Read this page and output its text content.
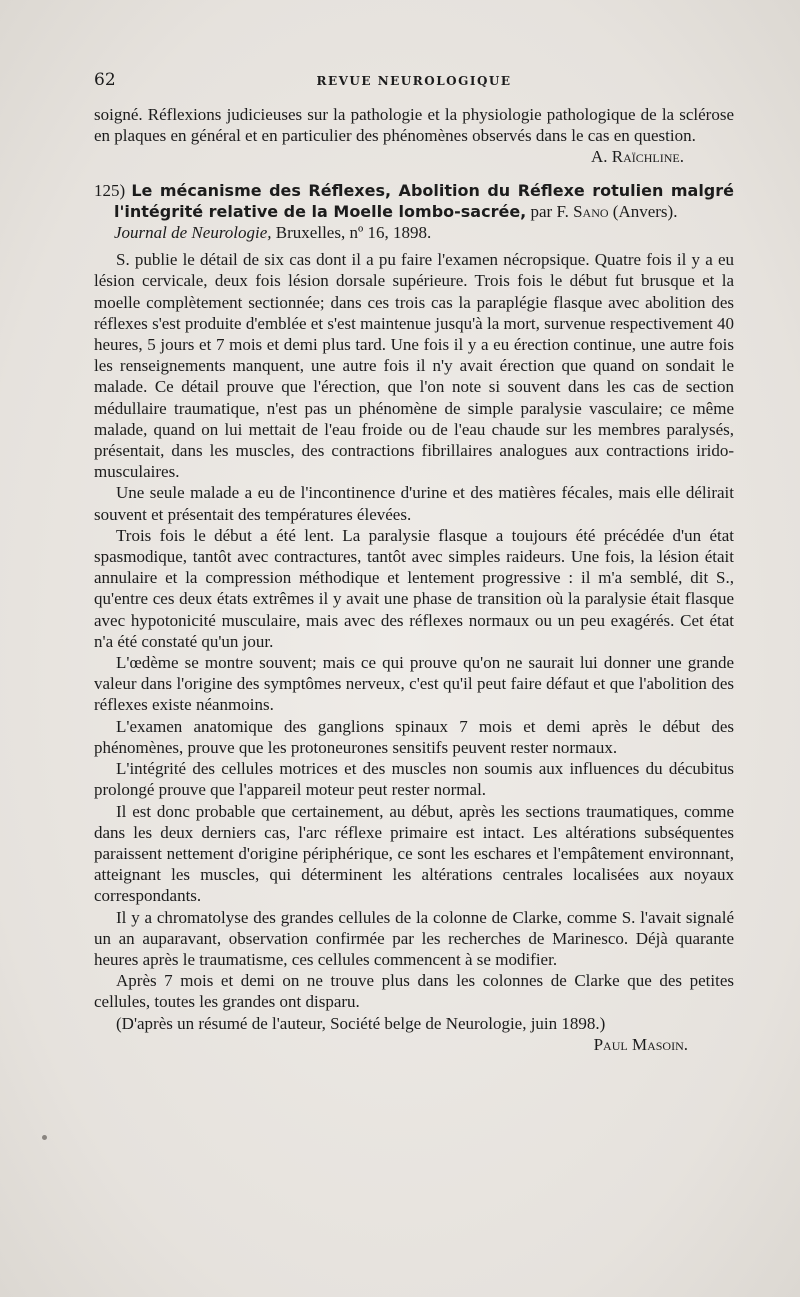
62	REVUE NEUROLOGIQUE

soigné. Réflexions judicieuses sur la pathologie et la physiologie pathologique de la sclérose en plaques en général et en particulier des phénomènes observés dans le cas en question.

A. Raïchline.

125) Le mécanisme des Réflexes, Abolition du Réflexe rotulien malgré l'intégrité relative de la Moelle lombo-sacrée, par F. Sano (Anvers).

Journal de Neurologie, Bruxelles, nº 16, 1898.

S. publie le détail de six cas dont il a pu faire l'examen nécropsique. Quatre fois il y a eu lésion cervicale, deux fois lésion dorsale supérieure. Trois fois le début fut brusque et la moelle complètement sectionnée; dans ces trois cas la paraplégie flasque avec abolition des réflexes s'est produite d'emblée et s'est maintenue jusqu'à la mort, survenue respectivement 40 heures, 5 jours et 7 mois et demi plus tard. Une fois il y a eu érection continue, une autre fois les renseignements manquent, une autre fois il n'y avait érection que quand on sondait le malade. Ce détail prouve que l'érection, que l'on note si souvent dans les cas de section médullaire traumatique, n'est pas un phénomène de simple paralysie vasculaire; ce même malade, quand on lui mettait de l'eau froide ou de l'eau chaude sur les membres paralysés, présentait, dans les muscles, des contractions fibrillaires analogues aux contractions irido-musculaires.

Une seule malade a eu de l'incontinence d'urine et des matières fécales, mais elle délirait souvent et présentait des températures élevées.

Trois fois le début a été lent. La paralysie flasque a toujours été précédée d'un état spasmodique, tantôt avec contractures, tantôt avec simples raideurs. Une fois, la lésion était annulaire et la compression méthodique et lentement progressive : il m'a semblé, dit S., qu'entre ces deux états extrêmes il y avait une phase de transition où la paralysie était flasque avec hypotonicité musculaire, mais avec des réflexes normaux ou un peu exagérés. Cet état n'a été constaté qu'un jour.

L'œdème se montre souvent; mais ce qui prouve qu'on ne saurait lui donner une grande valeur dans l'origine des symptômes nerveux, c'est qu'il peut faire défaut et que l'abolition des réflexes existe néanmoins.

L'examen anatomique des ganglions spinaux 7 mois et demi après le début des phénomènes, prouve que les protoneurones sensitifs peuvent rester normaux.

L'intégrité des cellules motrices et des muscles non soumis aux influences du décubitus prolongé prouve que l'appareil moteur peut rester normal.

Il est donc probable que certainement, au début, après les sections traumatiques, comme dans les deux derniers cas, l'arc réflexe primaire est intact. Les altérations subséquentes paraissent nettement d'origine périphérique, ce sont les eschares et l'empâtement environnant, atteignant les muscles, qui déterminent les altérations centrales localisées aux noyaux correspondants.

Il y a chromatolyse des grandes cellules de la colonne de Clarke, comme S. l'avait signalé un an auparavant, observation confirmée par les recherches de Marinesco. Déjà quarante heures après le traumatisme, ces cellules commencent à se modifier.

Après 7 mois et demi on ne trouve plus dans les colonnes de Clarke que des petites cellules, toutes les grandes ont disparu.

(D'après un résumé de l'auteur, Société belge de Neurologie, juin 1898.)

Paul Masoin.
